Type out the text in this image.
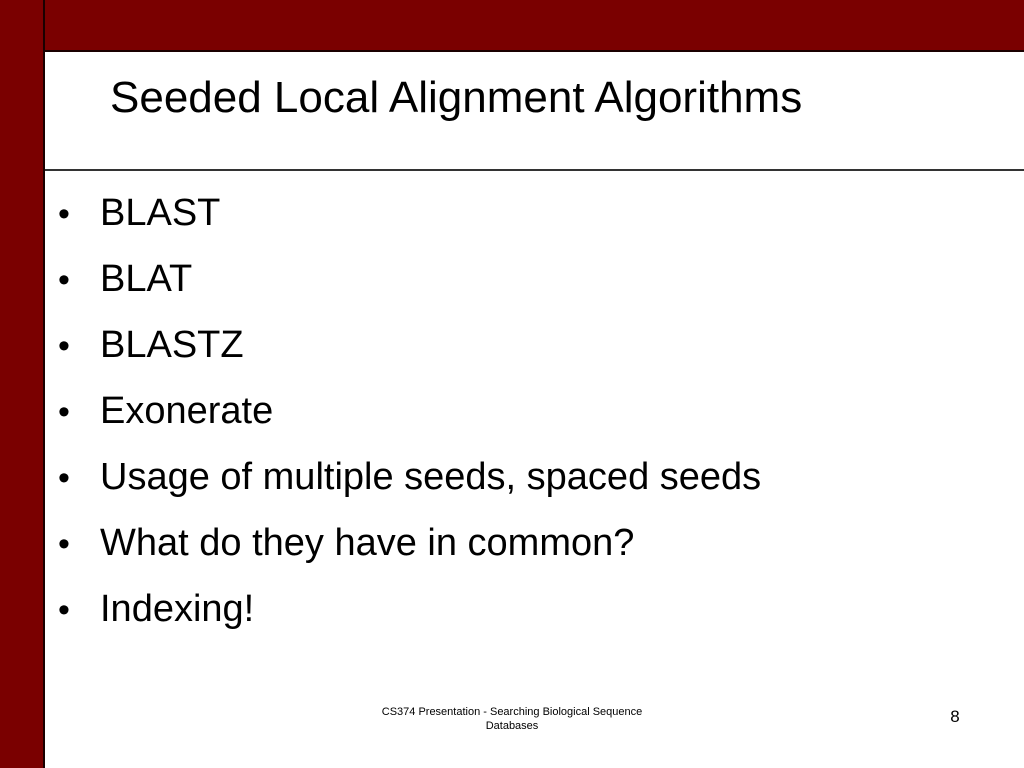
Seeded Local Alignment Algorithms
• BLAST
• BLAT
• BLASTZ
• Exonerate
• Usage of multiple seeds, spaced seeds
• What do they have in common?
• Indexing!
CS374 Presentation - Searching Biological Sequence Databases	8
